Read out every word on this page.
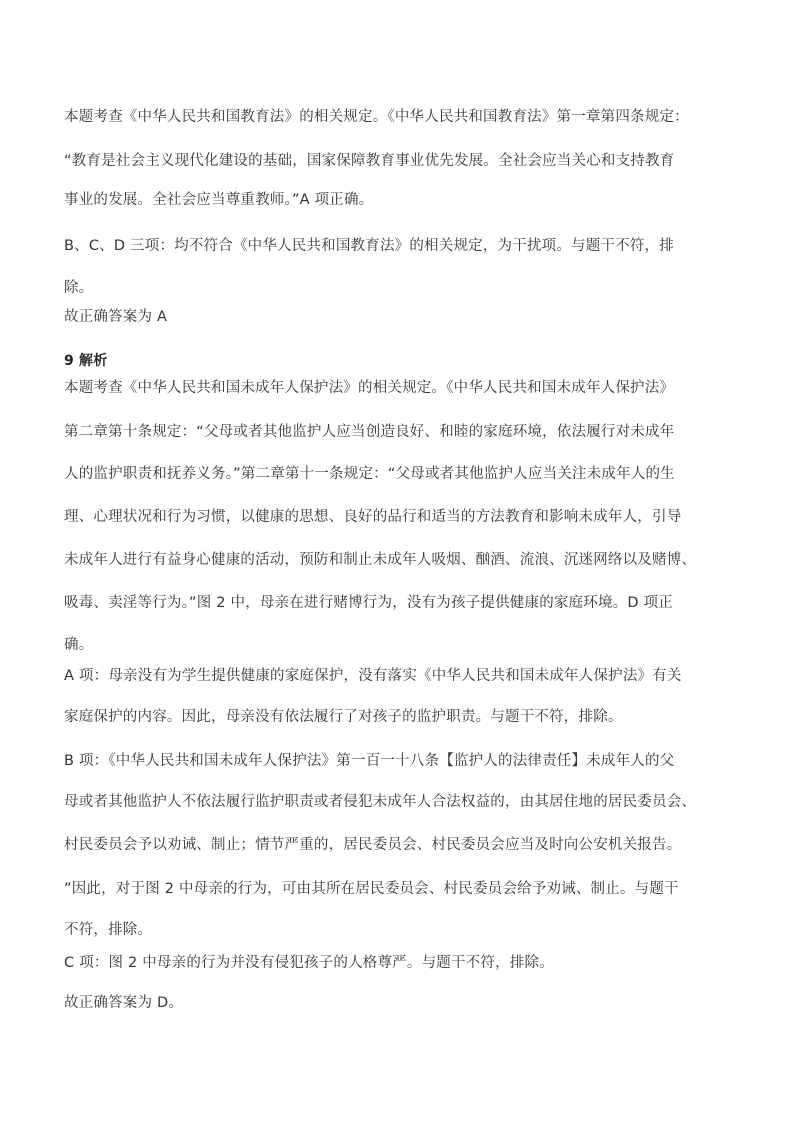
本题考查《中华人民共和国教育法》的相关规定。《中华人民共和国教育法》第一章第四条规定：
“教育是社会主义现代化建设的基础，国家保障教育事业优先发展。全社会应当关心和支持教育
事业的发展。全社会应当尊重教师。”A 项正确。
B、C、D 三项：均不符合《中华人民共和国教育法》的相关规定，为干扰项。与题干不符，排
除。
故正确答案为 A
9 解析
本题考查《中华人民共和国未成年人保护法》的相关规定。《中华人民共和国未成年人保护法》
第二章第十条规定：“父母或者其他监护人应当创造良好、和睦的家庭环境，依法履行对未成年
人的监护职责和抚养义务。”第二章第十一条规定：“父母或者其他监护人应当关注未成年人的生
理、心理状况和行为习惯，以健康的思想、良好的品行和适当的方法教育和影响未成年人，引导
未成年人进行有益身心健康的活动，预防和制止未成年人吸烟、酗酒、流浪、沉迷网络以及赌博、
吸毒、卖淫等行为。”图 2 中，母亲在进行赌博行为，没有为孩子提供健康的家庭环境。D 项正
确。
A 项：母亲没有为学生提供健康的家庭保护，没有落实《中华人民共和国未成年人保护法》有关
家庭保护的内容。因此，母亲没有依法履行了对孩子的监护职责。与题干不符，排除。
B 项：《中华人民共和国未成年人保护法》第一百一十八条【监护人的法律责任】未成年人的父
母或者其他监护人不依法履行监护职责或者侵犯未成年人合法权益的，由其居住地的居民委员会、
村民委员会予以劝诫、制止；情节严重的，居民委员会、村民委员会应当及时向公安机关报告。
”因此，对于图 2 中母亲的行为，可由其所在居民委员会、村民委员会给予劝诫、制止。与题干
不符，排除。
C 项：图 2 中母亲的行为并没有侵犯孩子的人格尊严。与题干不符，排除。
故正确答案为 D。
